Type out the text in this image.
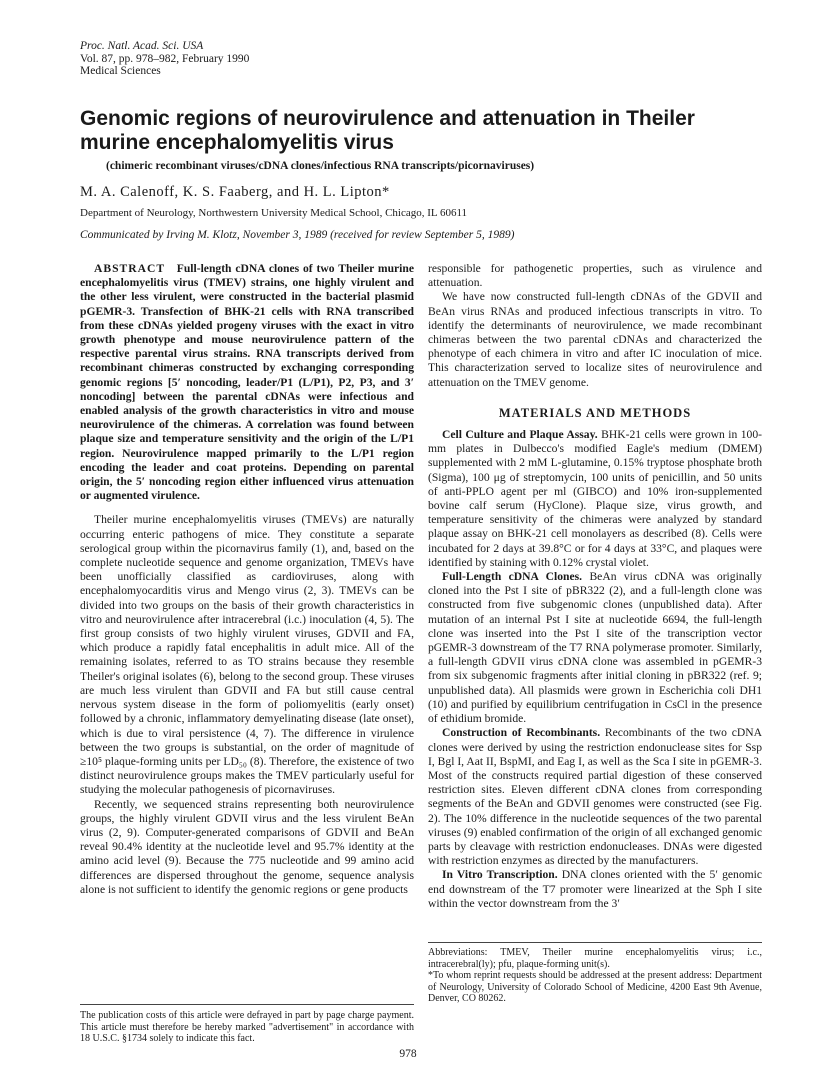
Proc. Natl. Acad. Sci. USA
Vol. 87, pp. 978–982, February 1990
Medical Sciences
Genomic regions of neurovirulence and attenuation in Theiler murine encephalomyelitis virus
(chimeric recombinant viruses/cDNA clones/infectious RNA transcripts/picornaviruses)
M. A. Calenoff, K. S. Faaberg, and H. L. Lipton*
Department of Neurology, Northwestern University Medical School, Chicago, IL 60611
Communicated by Irving M. Klotz, November 3, 1989 (received for review September 5, 1989)

ABSTRACT Full-length cDNA clones of two Theiler murine encephalomyelitis virus (TMEV) strains, one highly virulent and the other less virulent, were constructed in the bacterial plasmid pGEMR-3. Transfection of BHK-21 cells with RNA transcribed from these cDNAs yielded progeny viruses with the exact in vitro growth phenotype and mouse neurovirulence pattern of the respective parental virus strains. RNA transcripts derived from recombinant chimeras constructed by exchanging corresponding genomic regions [5′ noncoding, leader/P1 (L/P1), P2, P3, and 3′ noncoding] between the parental cDNAs were infectious and enabled analysis of the growth characteristics in vitro and mouse neurovirulence of the chimeras. A correlation was found between plaque size and temperature sensitivity and the origin of the L/P1 region. Neurovirulence mapped primarily to the L/P1 region encoding the leader and coat proteins. Depending on parental origin, the 5′ noncoding region either influenced virus attenuation or augmented virulence.

Theiler murine encephalomyelitis viruses (TMEVs) are naturally occurring enteric pathogens of mice. They constitute a separate serological group within the picornavirus family (1), and, based on the complete nucleotide sequence and genome organization, TMEVs have been unofficially classified as cardioviruses, along with encephalomyocarditis virus and Mengo virus (2, 3). TMEVs can be divided into two groups on the basis of their growth characteristics in vitro and neurovirulence after intracerebral (i.c.) inoculation (4, 5). The first group consists of two highly virulent viruses, GDVII and FA, which produce a rapidly fatal encephalitis in adult mice. All of the remaining isolates, referred to as TO strains because they resemble Theiler's original isolates (6), belong to the second group. These viruses are much less virulent than GDVII and FA but still cause central nervous system disease in the form of poliomyelitis (early onset) followed by a chronic, inflammatory demyelinating disease (late onset), which is due to viral persistence (4, 7). The difference in virulence between the two groups is substantial, on the order of magnitude of ≥10⁵ plaque-forming units per LD₅₀ (8). Therefore, the existence of two distinct neurovirulence groups makes the TMEV particularly useful for studying the molecular pathogenesis of picornaviruses.

Recently, we sequenced strains representing both neurovirulence groups, the highly virulent GDVII virus and the less virulent BeAn virus (2, 9). Computer-generated comparisons of GDVII and BeAn reveal 90.4% identity at the nucleotide level and 95.7% identity at the amino acid level (9). Because the 775 nucleotide and 99 amino acid differences are dispersed throughout the genome, sequence analysis alone is not sufficient to identify the genomic regions or gene products

responsible for pathogenetic properties, such as virulence and attenuation.

We have now constructed full-length cDNAs of the GDVII and BeAn virus RNAs and produced infectious transcripts in vitro. To identify the determinants of neurovirulence, we made recombinant chimeras between the two parental cDNAs and characterized the phenotype of each chimera in vitro and after IC inoculation of mice. This characterization served to localize sites of neurovirulence and attenuation on the TMEV genome.

MATERIALS AND METHODS

Cell Culture and Plaque Assay. BHK-21 cells were grown in 100-mm plates in Dulbecco's modified Eagle's medium (DMEM) supplemented with 2 mM L-glutamine, 0.15% tryptose phosphate broth (Sigma), 100 μg of streptomycin, 100 units of penicillin, and 50 units of anti-PPLO agent per ml (GIBCO) and 10% iron-supplemented bovine calf serum (HyClone). Plaque size, virus growth, and temperature sensitivity of the chimeras were analyzed by standard plaque assay on BHK-21 cell monolayers as described (8). Cells were incubated for 2 days at 39.8°C or for 4 days at 33°C, and plaques were identified by staining with 0.12% crystal violet.

Full-Length cDNA Clones. BeAn virus cDNA was originally cloned into the Pst I site of pBR322 (2), and a full-length clone was constructed from five subgenomic clones (unpublished data). After mutation of an internal Pst I site at nucleotide 6694, the full-length clone was inserted into the Pst I site of the transcription vector pGEMR-3 downstream of the T7 RNA polymerase promoter. Similarly, a full-length GDVII virus cDNA clone was assembled in pGEMR-3 from six subgenomic fragments after initial cloning in pBR322 (ref. 9; unpublished data). All plasmids were grown in Escherichia coli DH1 (10) and purified by equilibrium centrifugation in CsCl in the presence of ethidium bromide.

Construction of Recombinants. Recombinants of the two cDNA clones were derived by using the restriction endonuclease sites for Ssp I, Bgl I, Aat II, BspMI, and Eag I, as well as the Sca I site in pGEMR-3. Most of the constructs required partial digestion of these conserved restriction sites. Eleven different cDNA clones from corresponding segments of the BeAn and GDVII genomes were constructed (see Fig. 2). The 10% difference in the nucleotide sequences of the two parental viruses (9) enabled confirmation of the origin of all exchanged genomic parts by cleavage with restriction endonucleases. DNAs were digested with restriction enzymes as directed by the manufacturers.

In Vitro Transcription. DNA clones oriented with the 5′ genomic end downstream of the T7 promoter were linearized at the Sph I site within the vector downstream from the 3′

The publication costs of this article were defrayed in part by page charge payment. This article must therefore be hereby marked "advertisement" in accordance with 18 U.S.C. §1734 solely to indicate this fact.
Abbreviations: TMEV, Theiler murine encephalomyelitis virus; i.c., intracerebral(ly); pfu, plaque-forming unit(s).
*To whom reprint requests should be addressed at the present address: Department of Neurology, University of Colorado School of Medicine, 4200 East 9th Avenue, Denver, CO 80262.
978
